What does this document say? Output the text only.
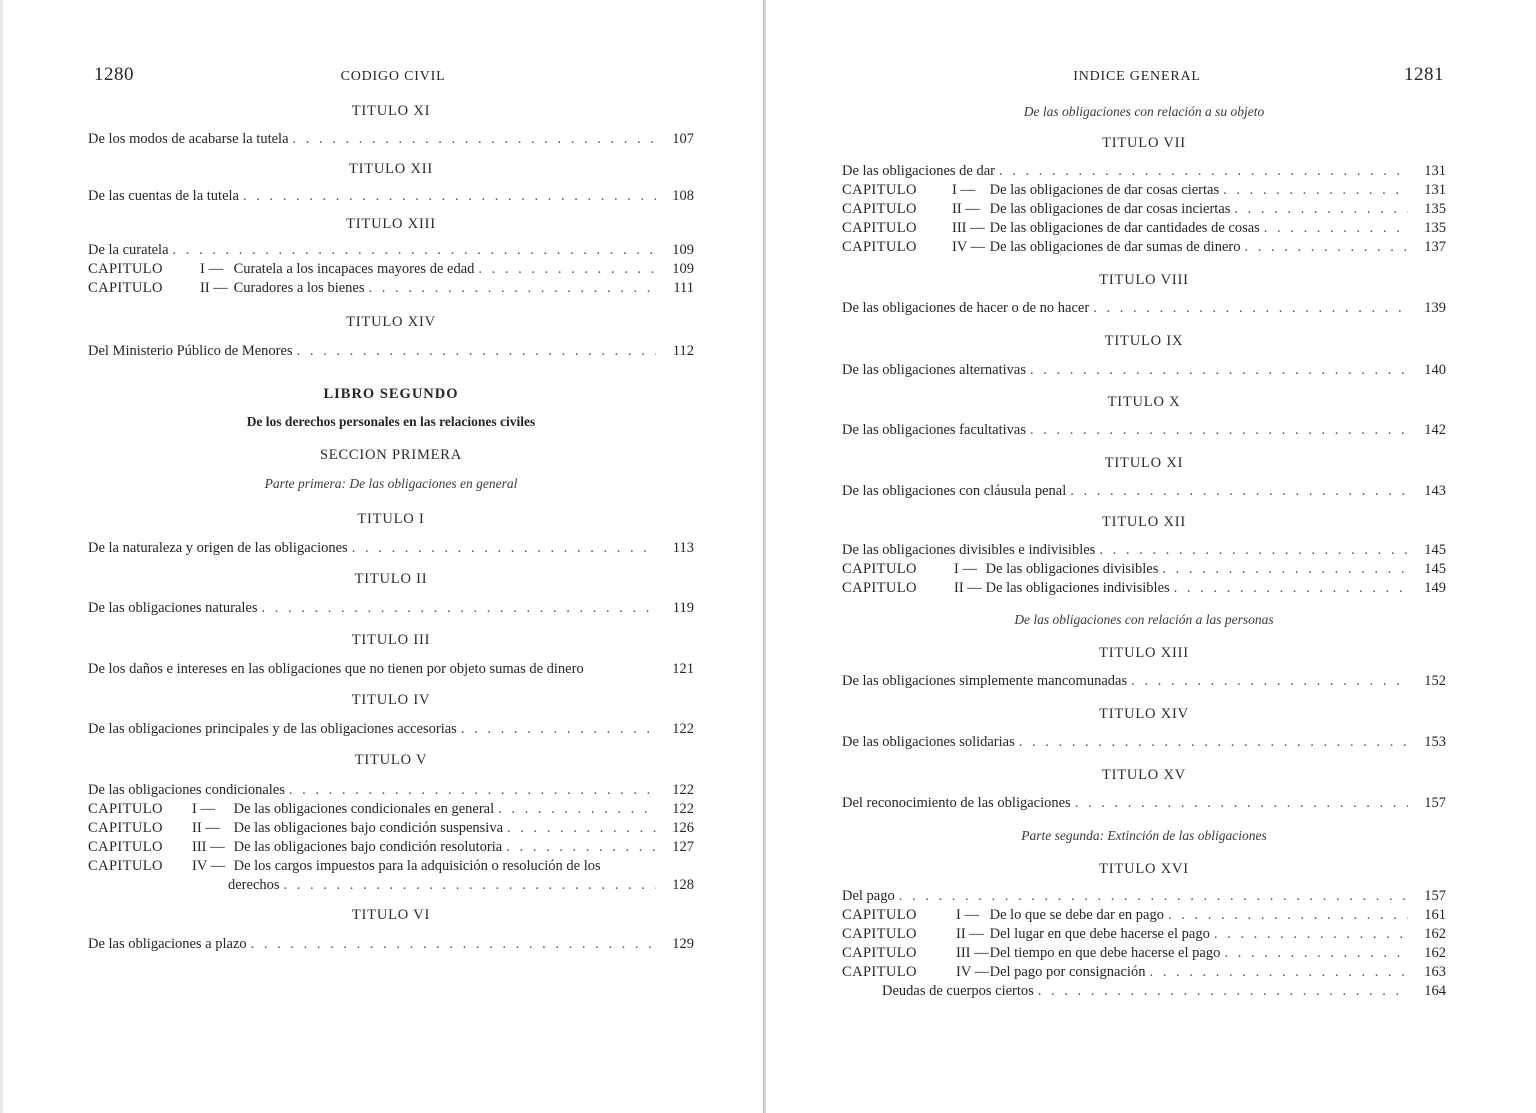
1280	CODIGO CIVIL
TITULO XI
De los modos de acabarse la tutela . . .	107
TITULO XII
De las cuentas de la tutela . . .	108
TITULO XIII
De la curatela . . .	109
CAPITULO	I — Curatela a los incapaces mayores de edad . . .	109
CAPITULO	II — Curadores a los bienes . . .	111
TITULO XIV
Del Ministerio Público de Menores . . .	112
LIBRO SEGUNDO
De los derechos personales en las relaciones civiles
SECCION PRIMERA
Parte primera: De las obligaciones en general
TITULO I
De la naturaleza y origen de las obligaciones . . .	113
TITULO II
De las obligaciones naturales . . .	119
TITULO III
De los daños e intereses en las obligaciones que no tienen por objeto sumas de dinero	121
TITULO IV
De las obligaciones principales y de las obligaciones accesorias . . .	122
TITULO V
De las obligaciones condicionales . . .	122
CAPITULO I — De las obligaciones condicionales en general . . .	122
CAPITULO II — De las obligaciones bajo condición suspensiva . . .	126
CAPITULO III — De las obligaciones bajo condición resolutoria . . .	127
CAPITULO IV — De los cargos impuestos para la adquisición o resolución de los
derechos . . .	128
TITULO VI
De las obligaciones a plazo . . .	129
INDICE GENERAL	1281
De las obligaciones con relación a su objeto
TITULO VII
De las obligaciones de dar . . .	131
CAPITULO I — De las obligaciones de dar cosas ciertas . . .	131
CAPITULO II — De las obligaciones de dar cosas inciertas . . .	135
CAPITULO III — De las obligaciones de dar cantidades de cosas . . .	135
CAPITULO IV — De las obligaciones de dar sumas de dinero . . .	137
TITULO VIII
De las obligaciones de hacer o de no hacer . . .	139
TITULO IX
De las obligaciones alternativas . . .	140
TITULO X
De las obligaciones facultativas . . .	142
TITULO XI
De las obligaciones con cláusula penal . . .	143
TITULO XII
De las obligaciones divisibles e indivisibles . . .	145
CAPITULO	I — De las obligaciones divisibles . . .	145
CAPITULO	II — De las obligaciones indivisibles . . .	149
De las obligaciones con relación a las personas
TITULO XIII
De las obligaciones simplemente mancomunadas . . .	152
TITULO XIV
De las obligaciones solidarias . . .	153
TITULO XV
Del reconocimiento de las obligaciones . . .	157
Parte segunda: Extinción de las obligaciones
TITULO XVI
Del pago . . .	157
CAPITULO	I — De lo que se debe dar en pago . . .	161
CAPITULO	II — Del lugar en que debe hacerse el pago . . .	162
CAPITULO	III — Del tiempo en que debe hacerse el pago . . .	162
CAPITULO	IV — Del pago por consignación . . .	163
Deudas de cuerpos ciertos . . .	164
